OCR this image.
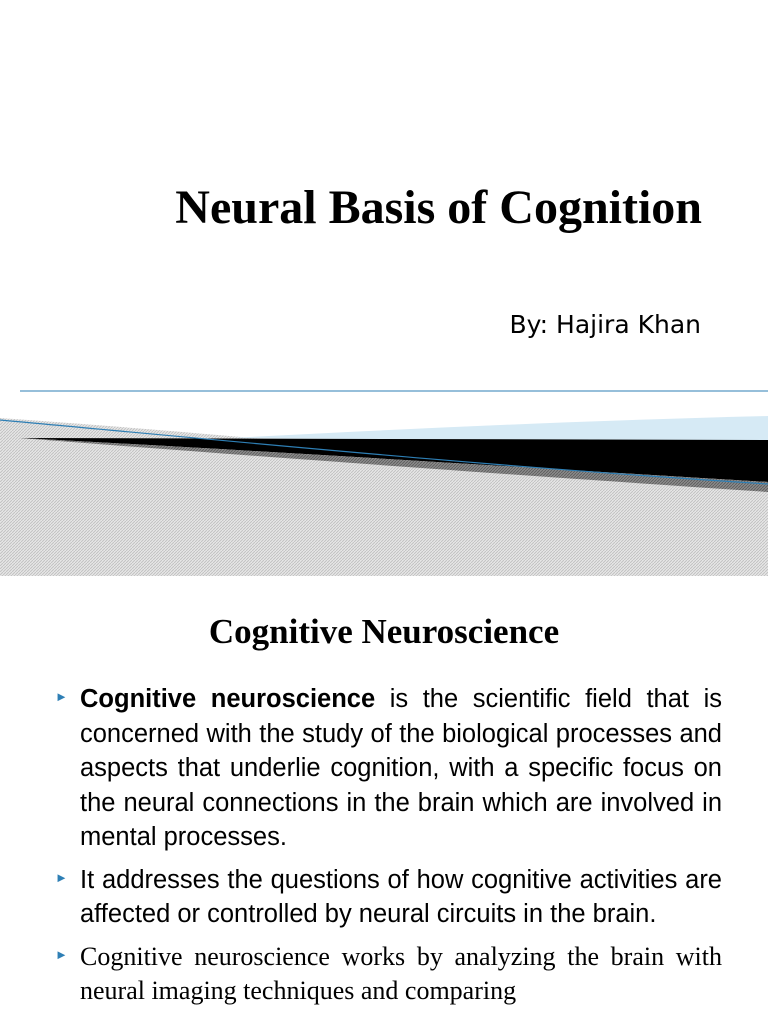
Neural Basis of Cognition
By: Hajira Khan
Cognitive Neuroscience
► Cognitive neuroscience is the scientific field that is concerned with the study of the biological processes and aspects that underlie cognition, with a specific focus on the neural connections in the brain which are involved in mental processes.
► It addresses the questions of how cognitive activities are affected or controlled by neural circuits in the brain.
► Cognitive neuroscience works by analyzing the brain with neural imaging techniques and comparing
